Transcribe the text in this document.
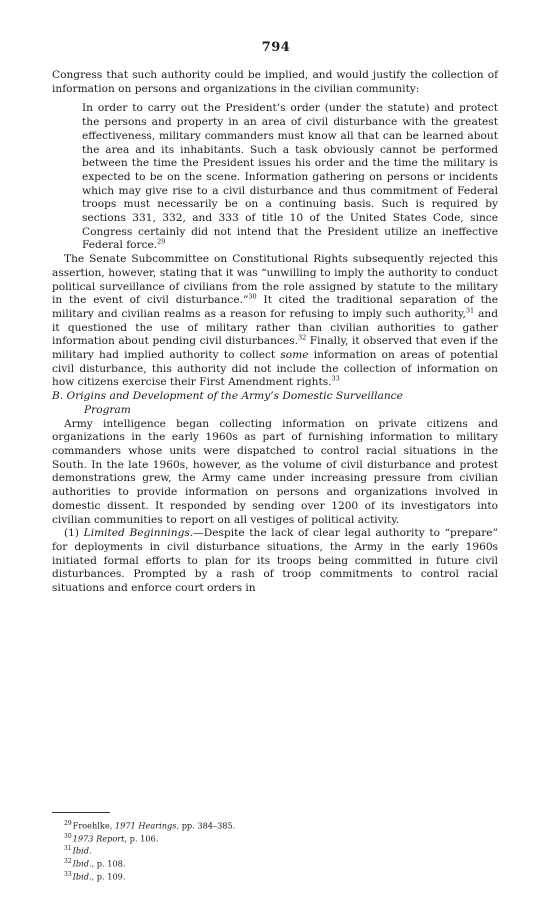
794

Congress that such authority could be implied, and would justify the collection of information on persons and organizations in the civilian community:

In order to carry out the President’s order (under the statute) and protect the persons and property in an area of civil disturbance with the greatest effectiveness, military commanders must know all that can be learned about the area and its inhabitants. Such a task obviously cannot be performed between the time the President issues his order and the time the military is expected to be on the scene. Information gathering on persons or incidents which may give rise to a civil disturbance and thus commitment of Federal troops must necessarily be on a continuing basis. Such is required by sections 331, 332, and 333 of title 10 of the United States Code, since Congress certainly did not intend that the President utilize an ineffective Federal force.$^{29}$

The Senate Subcommittee on Constitutional Rights subsequently rejected this assertion, however, stating that it was “unwilling to imply the authority to conduct political surveillance of civilians from the role assigned by statute to the military in the event of civil disturbance.”$^{30}$ It cited the traditional separation of the military and civilian realms as a reason for refusing to imply such authority,$^{31}$ and it questioned the use of military rather than civilian authorities to gather information about pending civil disturbances.$^{32}$ Finally, it observed that even if the military had implied authority to collect some information on areas of potential civil disturbance, this authority did not include the collection of information on how citizens exercise their First Amendment rights.$^{33}$

B. Origins and Development of the Army’s Domestic Surveillance
Program

Army intelligence began collecting information on private citizens and organizations in the early 1960s as part of furnishing information to military commanders whose units were dispatched to control racial situations in the South. In the late 1960s, however, as the volume of civil disturbance and protest demonstrations grew, the Army came under increasing pressure from civilian authorities to provide information on persons and organizations involved in domestic dissent. It responded by sending over 1200 of its investigators into civilian communities to report on all vestiges of political activity.

(1) Limited Beginnings.—Despite the lack of clear legal authority to “prepare” for deployments in civil disturbance situations, the Army in the early 1960s initiated formal efforts to plan for its troops being committed in future civil disturbances. Prompted by a rash of troop commitments to control racial situations and enforce court orders in

$^{29}$Froehlke, 1971 Hearings, pp. 384–385.
$^{30}$1973 Report, p. 106.
$^{31}$Ibid.
$^{32}$Ibid., p. 108.
$^{33}$Ibid., p. 109.
